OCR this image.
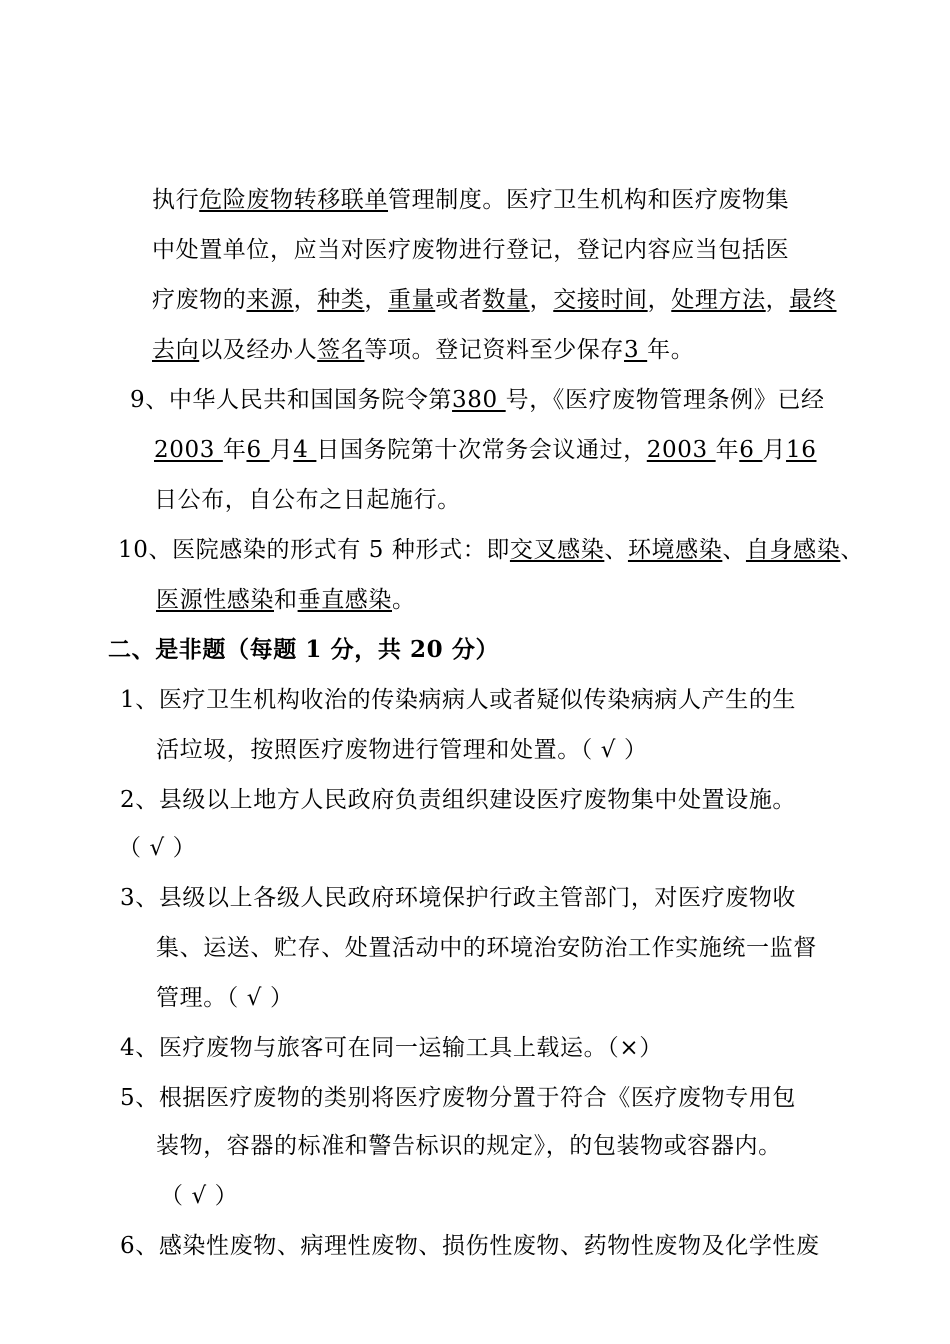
执行危险废物转移联单管理制度。医疗卫生机构和医疗废物集
中处置单位，应当对医疗废物进行登记，登记内容应当包括医
疗废物的来源，种类，重量或者数量，交接时间，处理方法，最终
去向以及经办人签名等项。登记资料至少保存3 年。
9、中华人民共和国国务院令第380 号，《医疗废物管理条例》已经
2003 年6 月4 日国务院第十次常务会议通过，2003 年6 月16
日公布，自公布之日起施行。
10、医院感染的形式有 5 种形式：即交叉感染、环境感染、自身感染、
医源性感染和垂直感染。
二、是非题（每题 1 分，共 20 分）
1、医疗卫生机构收治的传染病病人或者疑似传染病病人产生的生
活垃圾，按照医疗废物进行管理和处置。（ √ ）
2、县级以上地方人民政府负责组织建设医疗废物集中处置设施。
（ √ ）
3、县级以上各级人民政府环境保护行政主管部门，对医疗废物收
集、运送、贮存、处置活动中的环境治安防治工作实施统一监督
管理。（ √ ）
4、医疗废物与旅客可在同一运输工具上载运。（×）
5、根据医疗废物的类别将医疗废物分置于符合《医疗废物专用包
装物，容器的标准和警告标识的规定》，的包装物或容器内。
（ √ ）
6、感染性废物、病理性废物、损伤性废物、药物性废物及化学性废
